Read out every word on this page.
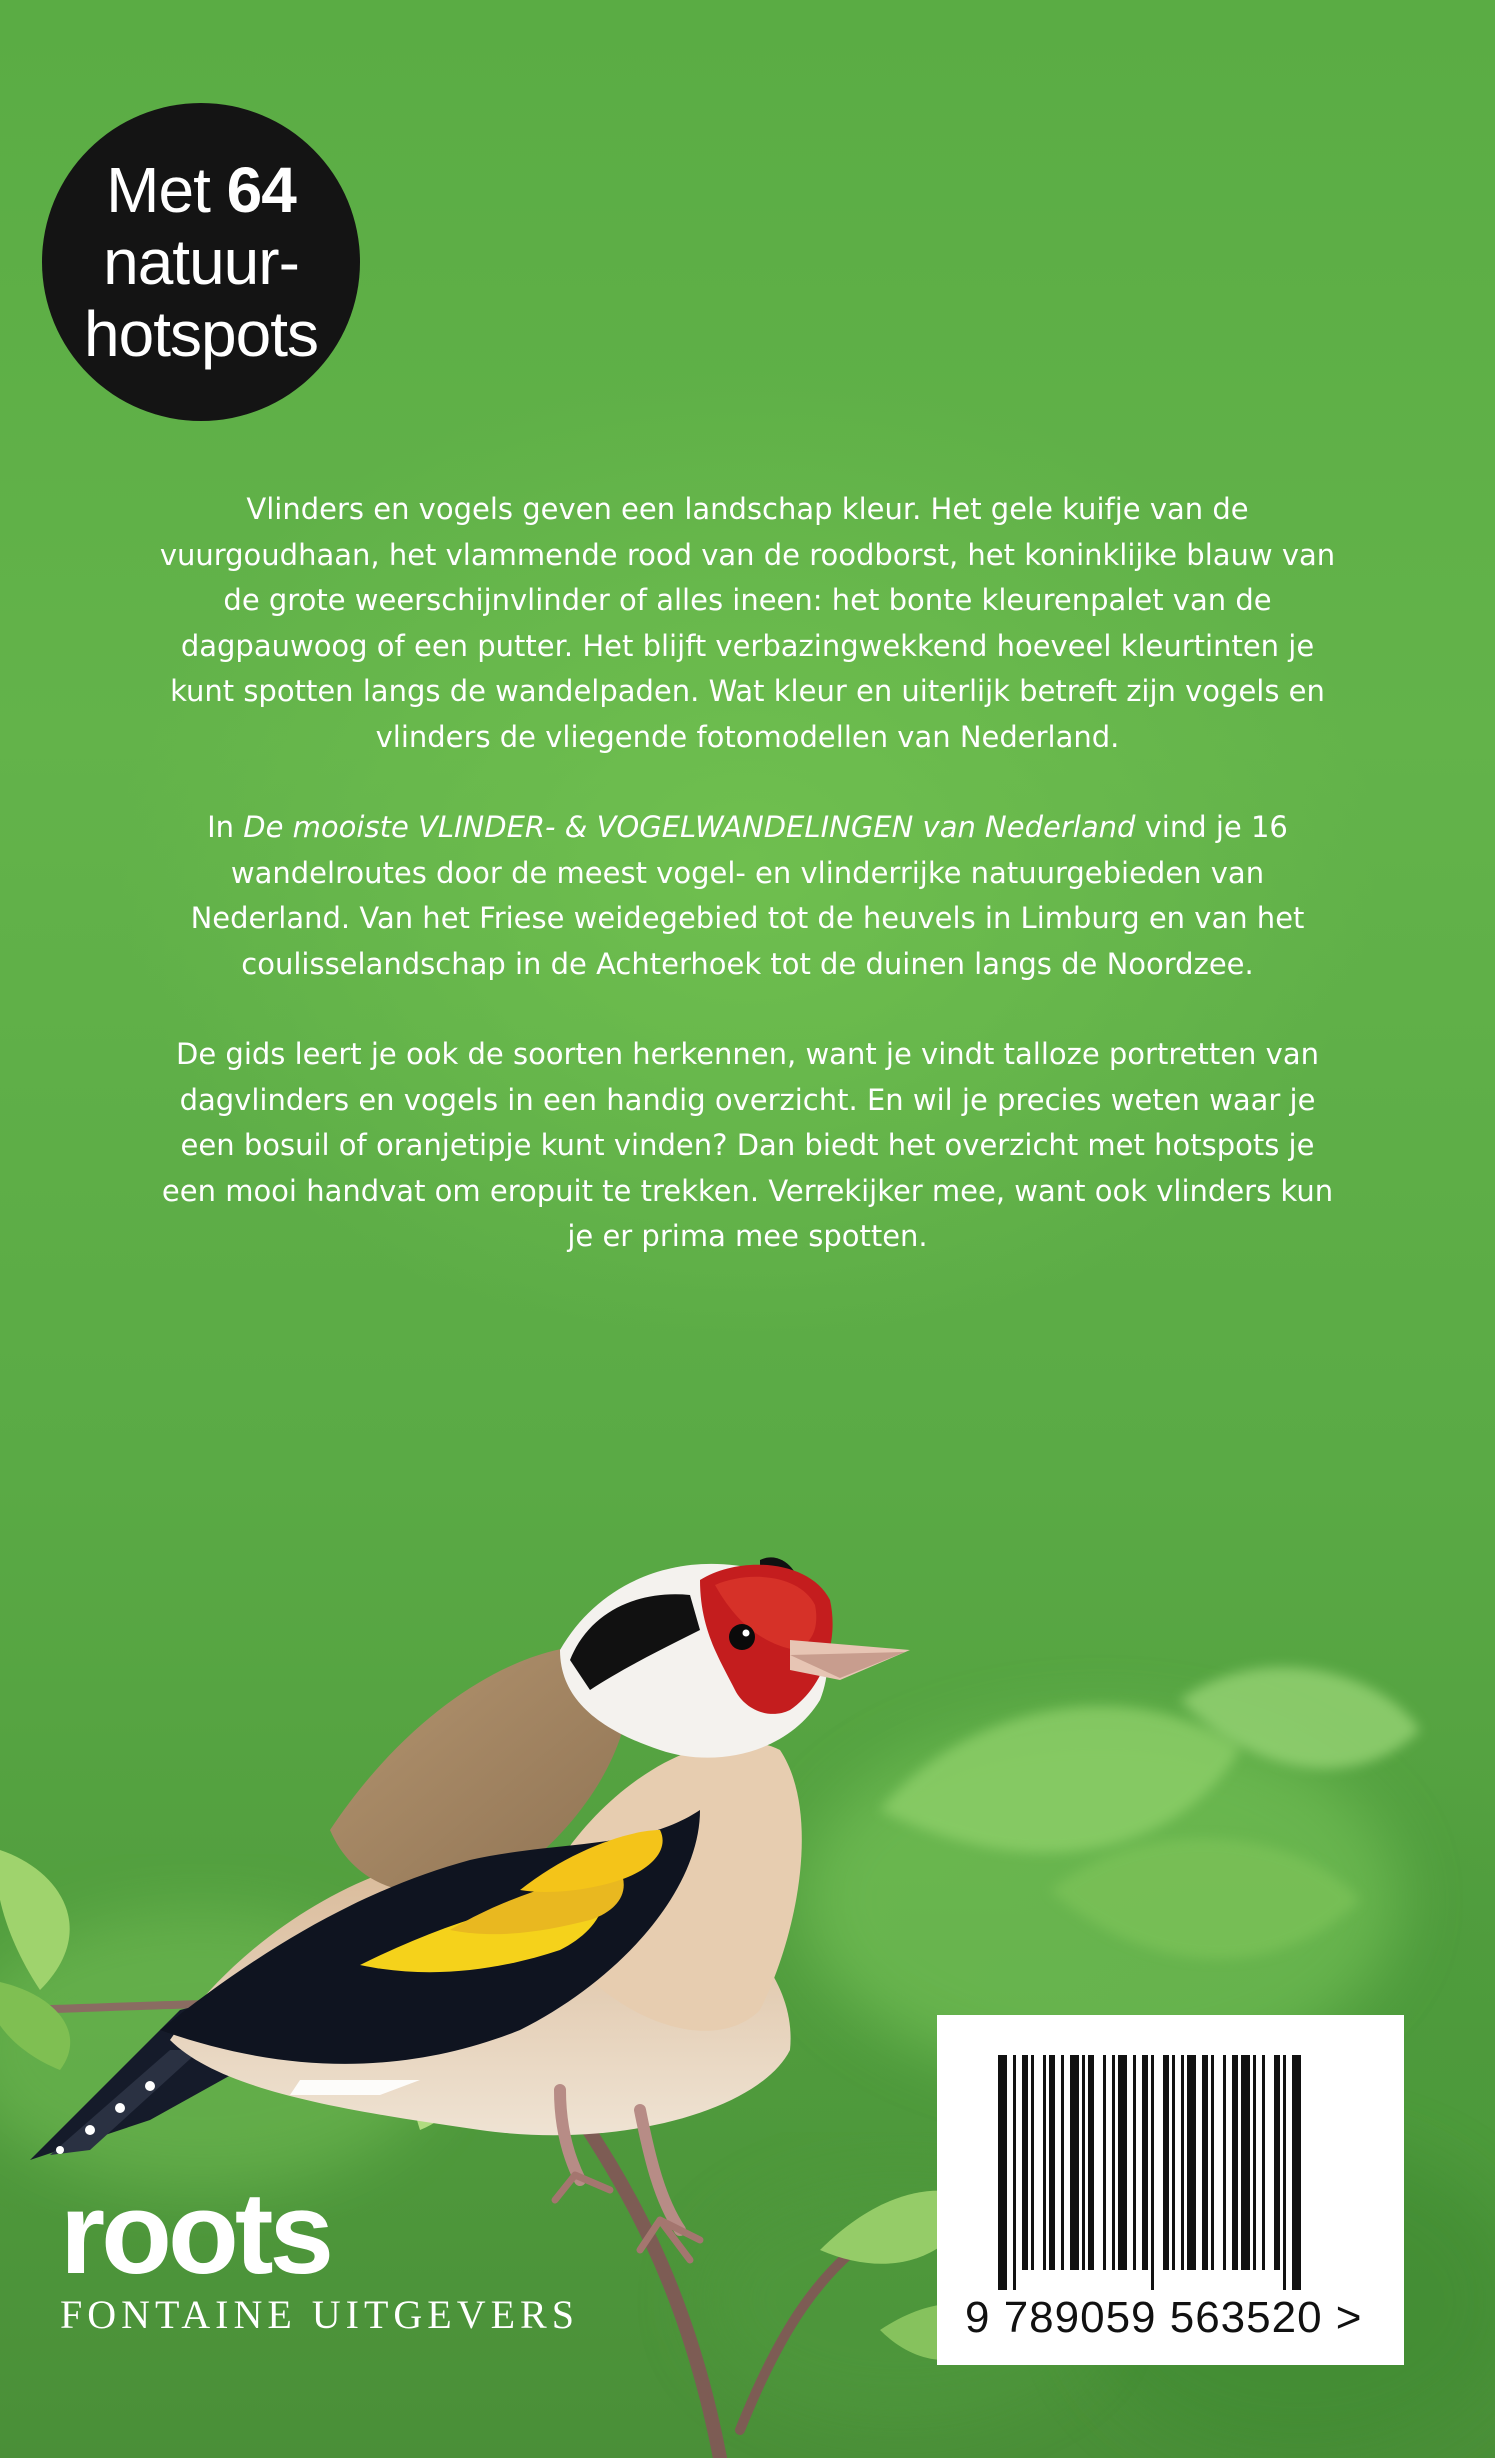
Met 64
natuur-
hotspots

Vlinders en vogels geven een landschap kleur. Het gele kuifje van de vuurgoudhaan, het vlammende rood van de roodborst, het koninklijke blauw van de grote weerschijnvlinder of alles ineen: het bonte kleurenpalet van de dagpauwoog of een putter. Het blijft verbazingwekkend hoeveel kleurtinten je kunt spotten langs de wandelpaden. Wat kleur en uiterlijk betreft zijn vogels en vlinders de vliegende fotomodellen van Nederland.

In De mooiste VLINDER- & VOGELWANDELINGEN van Nederland vind je 16 wandelroutes door de meest vogel- en vlinderrijke natuurgebieden van Nederland. Van het Friese weidegebied tot de heuvels in Limburg en van het coulisselandschap in de Achterhoek tot de duinen langs de Noordzee.

De gids leert je ook de soorten herkennen, want je vindt talloze portretten van dagvlinders en vogels in een handig overzicht. En wil je precies weten waar je een bosuil of oranjetipje kunt vinden? Dan biedt het overzicht met hotspots je een mooi handvat om eropuit te trekken. Verrekijker mee, want ook vlinders kun je er prima mee spotten.

roots
FONTAINE UITGEVERS	9 789059 563520 >
